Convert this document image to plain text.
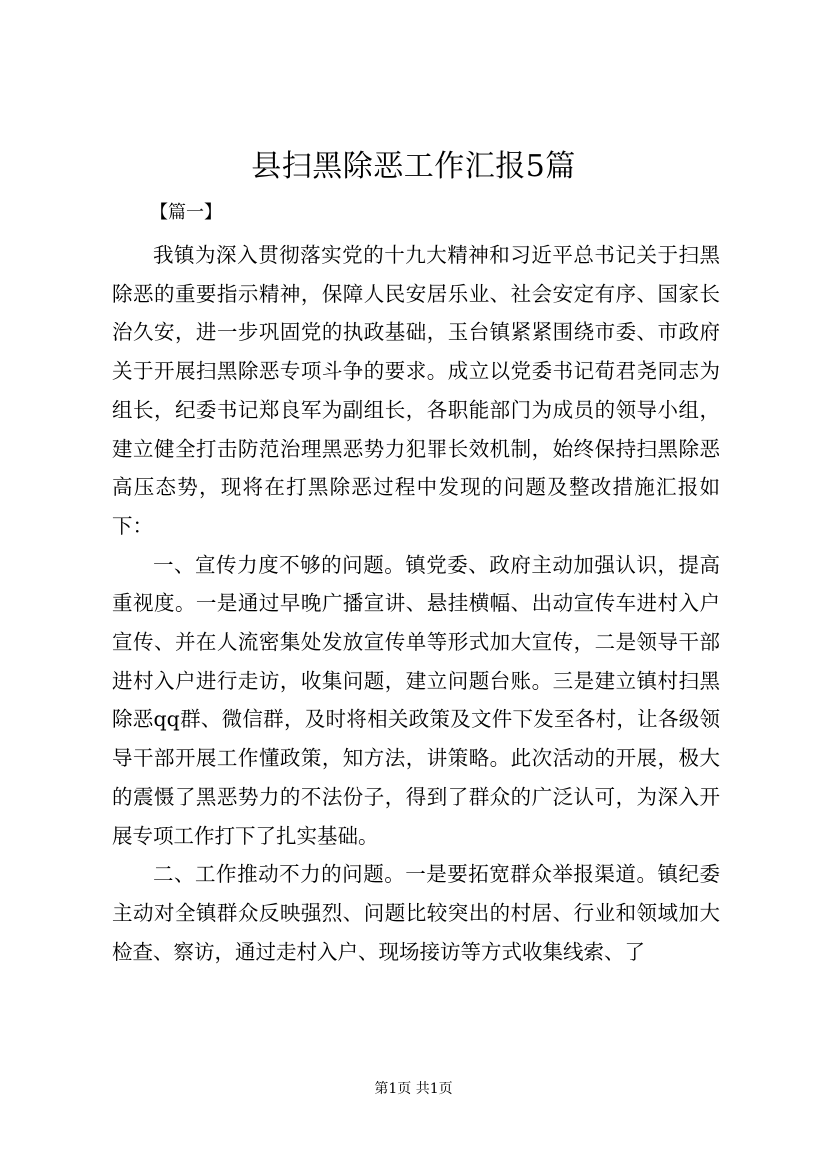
县扫黑除恶工作汇报5篇
【篇一】

我镇为深入贯彻落实党的十九大精神和习近平总书记关于扫黑除恶的重要指示精神，保障人民安居乐业、社会安定有序、国家长治久安，进一步巩固党的执政基础，玉台镇紧紧围绕市委、市政府关于开展扫黑除恶专项斗争的要求。成立以党委书记荀君尧同志为组长，纪委书记郑良军为副组长，各职能部门为成员的领导小组，建立健全打击防范治理黑恶势力犯罪长效机制，始终保持扫黑除恶高压态势，现将在打黑除恶过程中发现的问题及整改措施汇报如下：

一、宣传力度不够的问题。镇党委、政府主动加强认识，提高重视度。一是通过早晚广播宣讲、悬挂横幅、出动宣传车进村入户宣传、并在人流密集处发放宣传单等形式加大宣传，二是领导干部进村入户进行走访，收集问题，建立问题台账。三是建立镇村扫黑除恶qq群、微信群，及时将相关政策及文件下发至各村，让各级领导干部开展工作懂政策，知方法，讲策略。此次活动的开展，极大的震慑了黑恶势力的不法份子，得到了群众的广泛认可，为深入开展专项工作打下了扎实基础。

二、工作推动不力的问题。一是要拓宽群众举报渠道。镇纪委主动对全镇群众反映强烈、问题比较突出的村居、行业和领域加大检查、察访，通过走村入户、现场接访等方式收集线索、了

第1页 共1页
